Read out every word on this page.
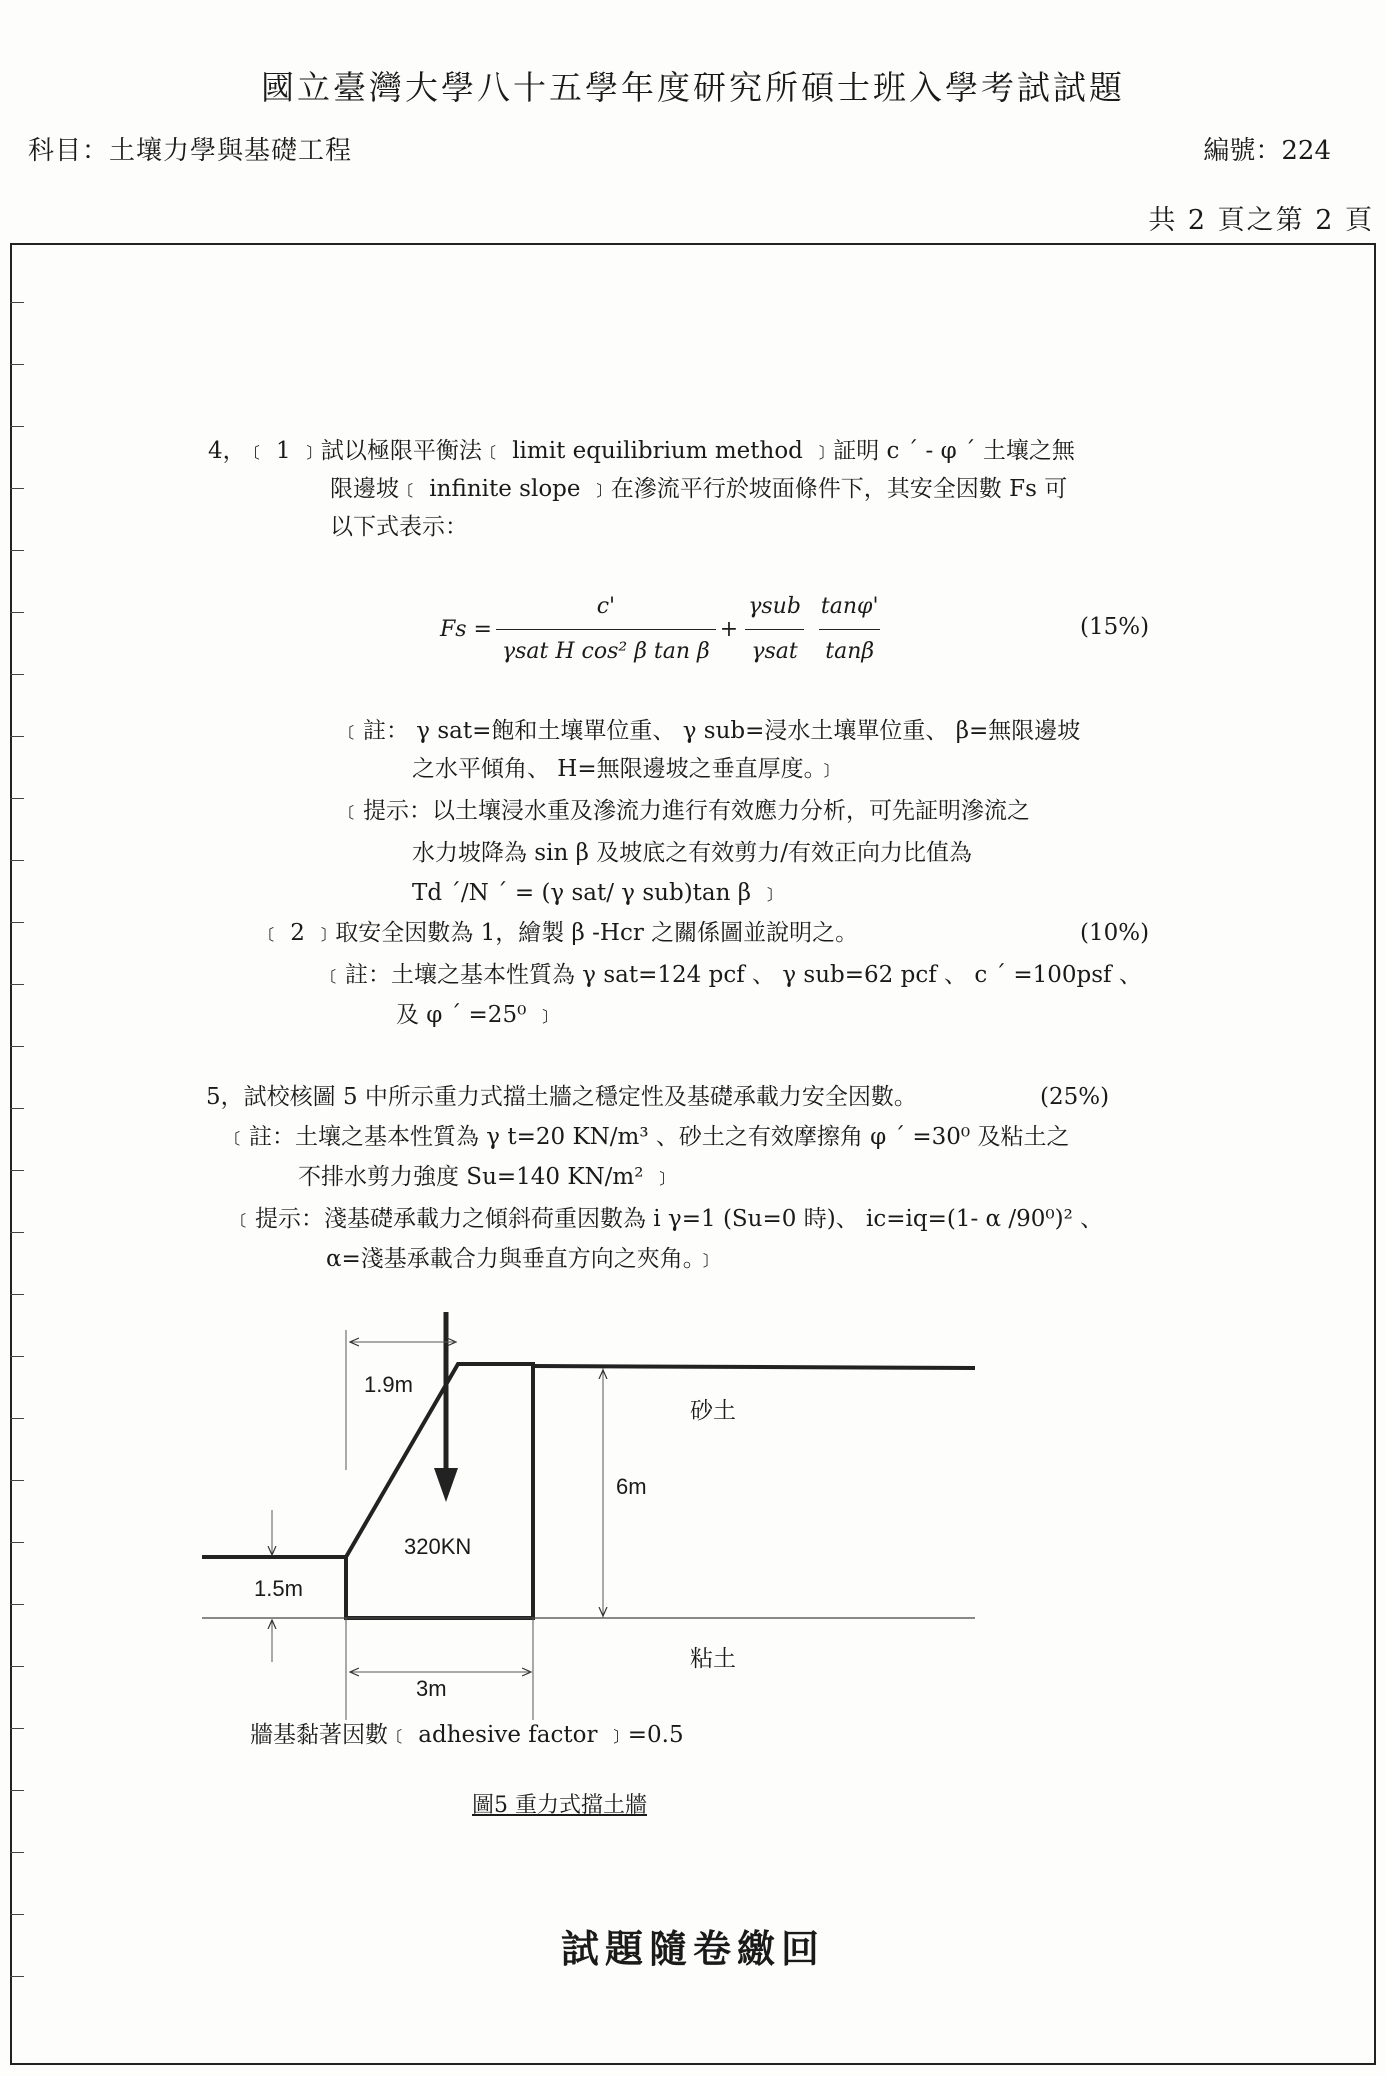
國立臺灣大學八十五學年度研究所碩士班入學考試試題
科目：土壤力學與基礎工程	編號：224
共 2 頁之第 2 頁
4，﹝ 1 ﹞試以極限平衡法﹝ limit equilibrium method ﹞証明 c ´ - φ ´ 土壤之無
限邊坡﹝ infinite slope ﹞在滲流平行於坡面條件下，其安全因數 Fs 可
以下式表示：
$Fs = \frac{c'}{\text{γsat H cos² β tan β}} + \frac{\text{γsub}}{\text{γsat}} \frac{\tan\varphi'}{\tan\beta}$	(15%)
﹝註： γ sat=飽和土壤單位重、 γ sub=浸水土壤單位重、 β=無限邊坡
之水平傾角、 H=無限邊坡之垂直厚度。﹞
﹝提示：以土壤浸水重及滲流力進行有效應力分析，可先証明滲流之
水力坡降為 sin β 及坡底之有效剪力/有效正向力比值為
Td ´/N ´ = (γ sat/ γ sub)tan β ﹞
﹝ 2 ﹞取安全因數為 1，繪製 β -Hcr 之關係圖並說明之。	(10%)
﹝註：土壤之基本性質為 γ sat=124 pcf 、 γ sub=62 pcf 、 c ´ =100psf 、
及 φ ´ =25⁰ ﹞
5，試校核圖 5 中所示重力式擋土牆之穩定性及基礎承載力安全因數。	(25%)
﹝註：土壤之基本性質為 γ t=20 KN/m³ 、砂土之有效摩擦角 φ ´ =30⁰ 及粘土之
不排水剪力強度 Su=140 KN/m² ﹞
﹝提示：淺基礎承載力之傾斜荷重因數為 i γ=1 (Su=0 時)、 ic=iq=(1- α /90⁰)² 、
α=淺基承載合力與垂直方向之夾角。﹞
1.9m
砂土
6m
320KN
1.5m
粘土
3m
牆基黏著因數﹝ adhesive factor ﹞=0.5
圖5 重力式擋土牆
試題隨卷繳回
